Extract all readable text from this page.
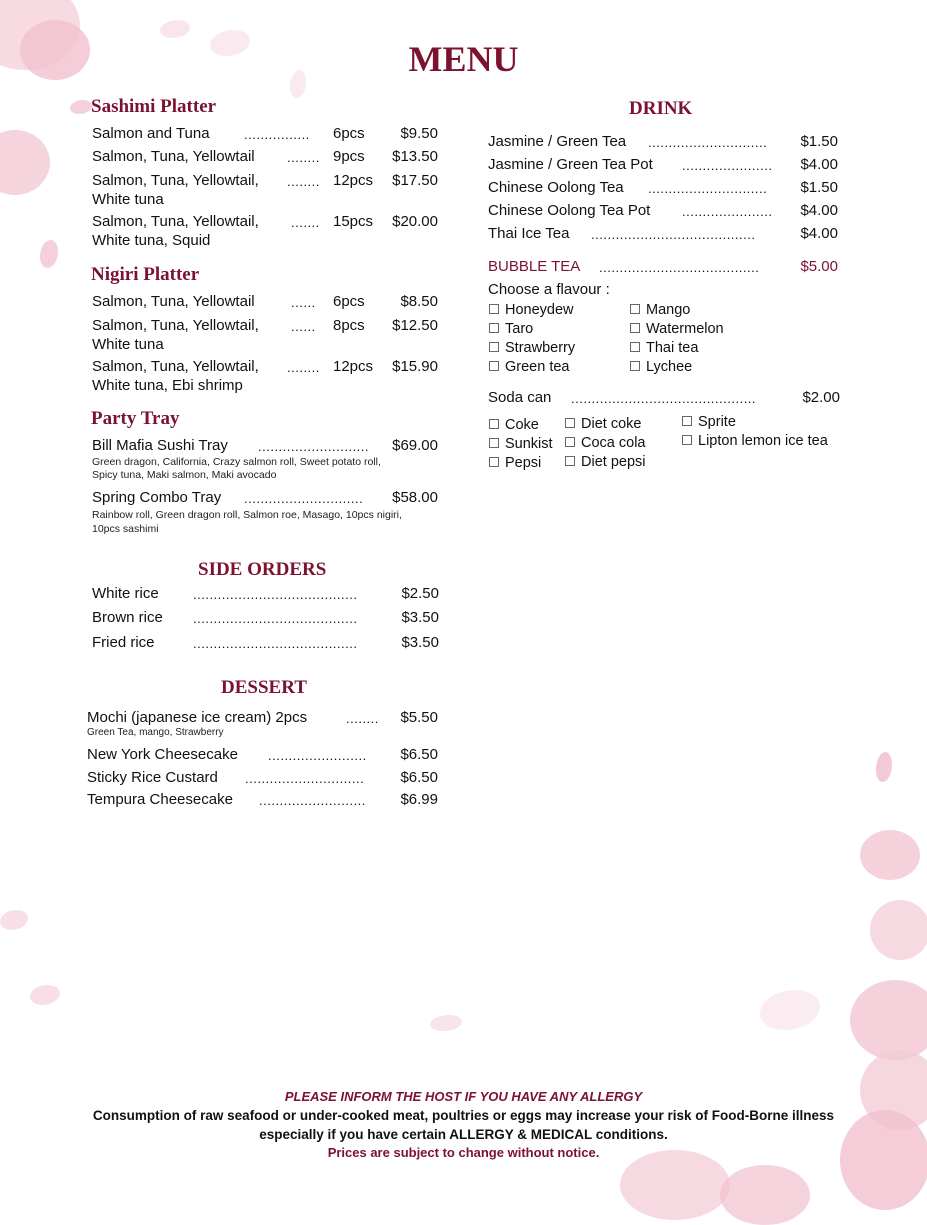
MENU
Sashimi Platter
Salmon and Tuna	................ 6pcs	$9.50
Salmon, Tuna, Yellowtail ........ 9pcs	$13.50
Salmon, Tuna, Yellowtail, ........ 12pcs	$17.50
White tuna
Salmon, Tuna, Yellowtail, ....... 15pcs	$20.00
White tuna, Squid
Nigiri Platter
Salmon, Tuna, Yellowtail	...... 6pcs	$8.50
Salmon, Tuna, Yellowtail, ...... 8pcs	$12.50
White tuna
Salmon, Tuna, Yellowtail, ........ 12pcs	$15.90
White tuna, Ebi shrimp
Party Tray
Bill Mafia Sushi Tray ...........................	$69.00
Green dragon, California, Crazy salmon roll, Sweet potato roll,
Spicy tuna, Maki salmon, Maki avocado
Spring Combo Tray .............................	$58.00
Rainbow roll, Green dragon roll, Salmon roe, Masago, 10pcs nigiri,
10pcs sashimi
SIDE ORDERS
White rice	........................................	$2.50
Brown rice ........................................	$3.50
Fried rice	........................................	$3.50
DESSERT
Mochi (japanese ice cream) 2pcs	........	$5.50
Green Tea, mango, Strawberry
New York Cheesecake ........................	$6.50
Sticky Rice Custard .............................	$6.50
Tempura Cheesecake ..........................	$6.99
DRINK
Jasmine / Green Tea .............................	$1.50
Jasmine / Green Tea Pot ......................	$4.00
Chinese Oolong Tea .............................	$1.50
Chinese Oolong Tea Pot ......................	$4.00
Thai Ice Tea ........................................	$4.00
BUBBLE TEA .......................................	$5.00
Choose a flavour :
Honeydew
Taro
Strawberry
Green tea
Mango
Watermelon
Thai tea
Lychee
Soda can .............................................	$2.00
Coke
Sunkist
Pepsi
Diet coke
Coca cola
Diet pepsi
Sprite
Lipton lemon ice tea
PLEASE INFORM THE HOST IF YOU HAVE ANY ALLERGY
Consumption of raw seafood or under-cooked meat, poultries or eggs may increase your risk of Food-Borne illness
especially if you have certain ALLERGY & MEDICAL conditions.
Prices are subject to change without notice.
